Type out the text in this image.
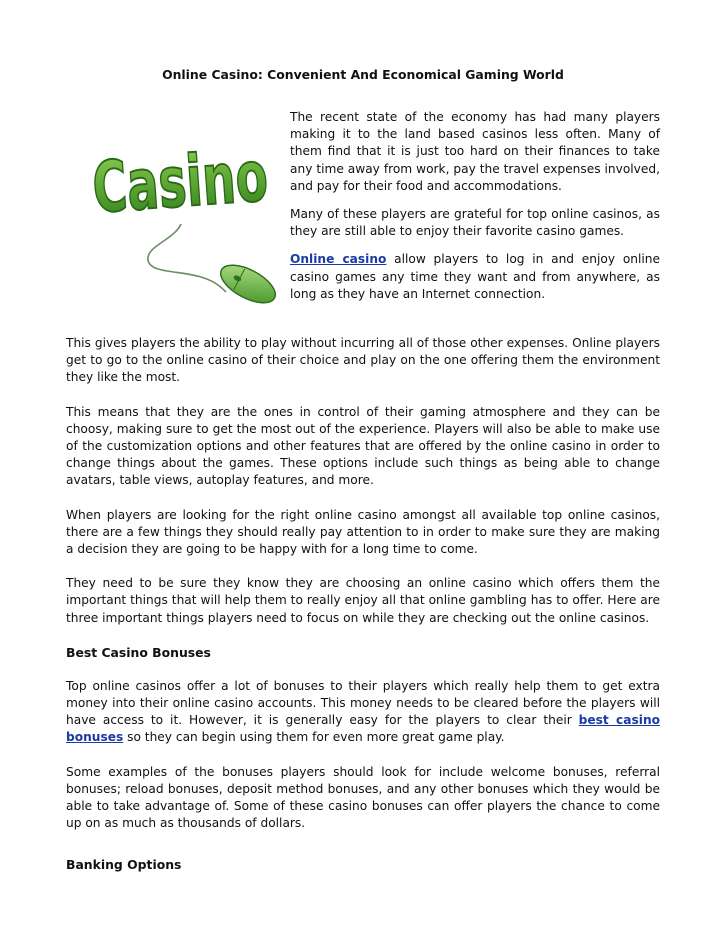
Online Casino: Convenient And Economical Gaming World
Casino

The recent state of the economy has had many players making it to the land based casinos less often. Many of them find that it is just too hard on their finances to take any time away from work, pay the travel expenses involved, and pay for their food and accommodations.

Many of these players are grateful for top online casinos, as they are still able to enjoy their favorite casino games.

Online casino allow players to log in and enjoy online casino games any time they want and from anywhere, as long as they have an Internet connection.

This gives players the ability to play without incurring all of those other expenses. Online players get to go to the online casino of their choice and play on the one offering them the environment they like the most.

This means that they are the ones in control of their gaming atmosphere and they can be choosy, making sure to get the most out of the experience. Players will also be able to make use of the customization options and other features that are offered by the online casino in order to change things about the games. These options include such things as being able to change avatars, table views, autoplay features, and more.

When players are looking for the right online casino amongst all available top online casinos, there are a few things they should really pay attention to in order to make sure they are making a decision they are going to be happy with for a long time to come.

They need to be sure they know they are choosing an online casino which offers them the important things that will help them to really enjoy all that online gambling has to offer. Here are three important things players need to focus on while they are checking out the online casinos.

Best Casino Bonuses

Top online casinos offer a lot of bonuses to their players which really help them to get extra money into their online casino accounts. This money needs to be cleared before the players will have access to it. However, it is generally easy for the players to clear their best casino bonuses so they can begin using them for even more great game play.

Some examples of the bonuses players should look for include welcome bonuses, referral bonuses; reload bonuses, deposit method bonuses, and any other bonuses which they would be able to take advantage of. Some of these casino bonuses can offer players the chance to come up on as much as thousands of dollars.

Banking Options
